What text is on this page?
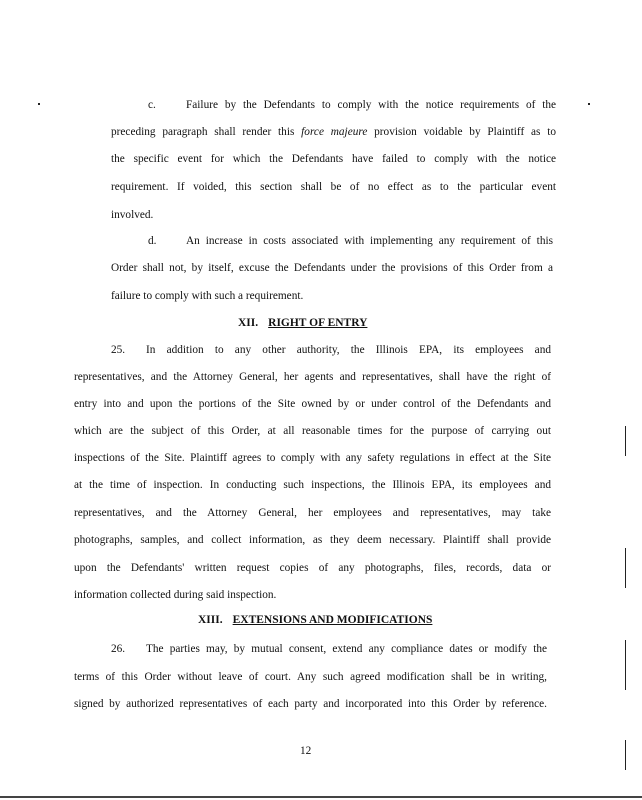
c.	Failure by the Defendants to comply with the notice requirements of the
preceding paragraph shall render this force majeure provision voidable by Plaintiff as to
the specific event for which the Defendants have failed to comply with the notice
requirement. If voided, this section shall be of no effect as to the particular event
involved.
d.	An increase in costs associated with implementing any requirement of this
Order shall not, by itself, excuse the Defendants under the provisions of this Order from a
failure to comply with such a requirement.
XII. RIGHT OF ENTRY
25. In addition to any other authority, the Illinois EPA, its employees and
representatives, and the Attorney General, her agents and representatives, shall have the right of
entry into and upon the portions of the Site owned by or under control of the Defendants and
which are the subject of this Order, at all reasonable times for the purpose of carrying out
inspections of the Site. Plaintiff agrees to comply with any safety regulations in effect at the Site
at the time of inspection. In conducting such inspections, the Illinois EPA, its employees and
representatives, and the Attorney General, her employees and representatives, may take
photographs, samples, and collect information, as they deem necessary. Plaintiff shall provide
upon the Defendants' written request copies of any photographs, files, records, data or
information collected during said inspection.
XIII. EXTENSIONS AND MODIFICATIONS
26. The parties may, by mutual consent, extend any compliance dates or modify the
terms of this Order without leave of court. Any such agreed modification shall be in writing,
signed by authorized representatives of each party and incorporated into this Order by reference.
12
